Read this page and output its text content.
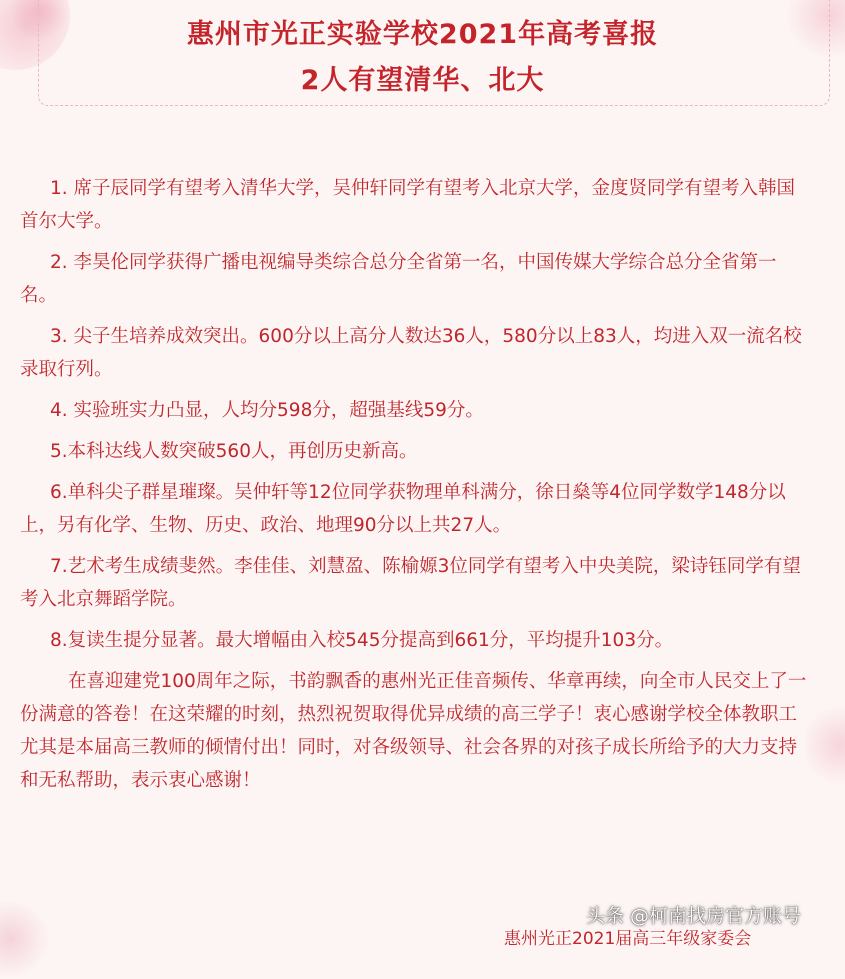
惠州市光正实验学校2021年高考喜报
2人有望清华、北大

1. 席子辰同学有望考入清华大学，吴仲轩同学有望考入北京大学，金度贤同学有望考入韩国首尔大学。

2. 李昊伦同学获得广播电视编导类综合总分全省第一名，中国传媒大学综合总分全省第一名。

3. 尖子生培养成效突出。600分以上高分人数达36人，580分以上83人，均进入双一流名校录取行列。

4. 实验班实力凸显，人均分598分，超强基线59分。

5.本科达线人数突破560人，再创历史新高。

6.单科尖子群星璀璨。吴仲轩等12位同学获物理单科满分，徐日燊等4位同学数学148分以上，另有化学、生物、历史、政治、地理90分以上共27人。

7.艺术考生成绩斐然。李佳佳、刘慧盈、陈榆嫄3位同学有望考入中央美院，梁诗钰同学有望考入北京舞蹈学院。

8.复读生提分显著。最大增幅由入校545分提高到661分，平均提升103分。

在喜迎建党100周年之际，书韵飘香的惠州光正佳音频传、华章再续，向全市人民交上了一份满意的答卷！在这荣耀的时刻，热烈祝贺取得优异成绩的高三学子！衷心感谢学校全体教职工尤其是本届高三教师的倾情付出！同时，对各级领导、社会各界的对孩子成长所给予的大力支持和无私帮助，表示衷心感谢！

惠州光正2021届高三年级家委会
头条 @柯南找房官方账号
